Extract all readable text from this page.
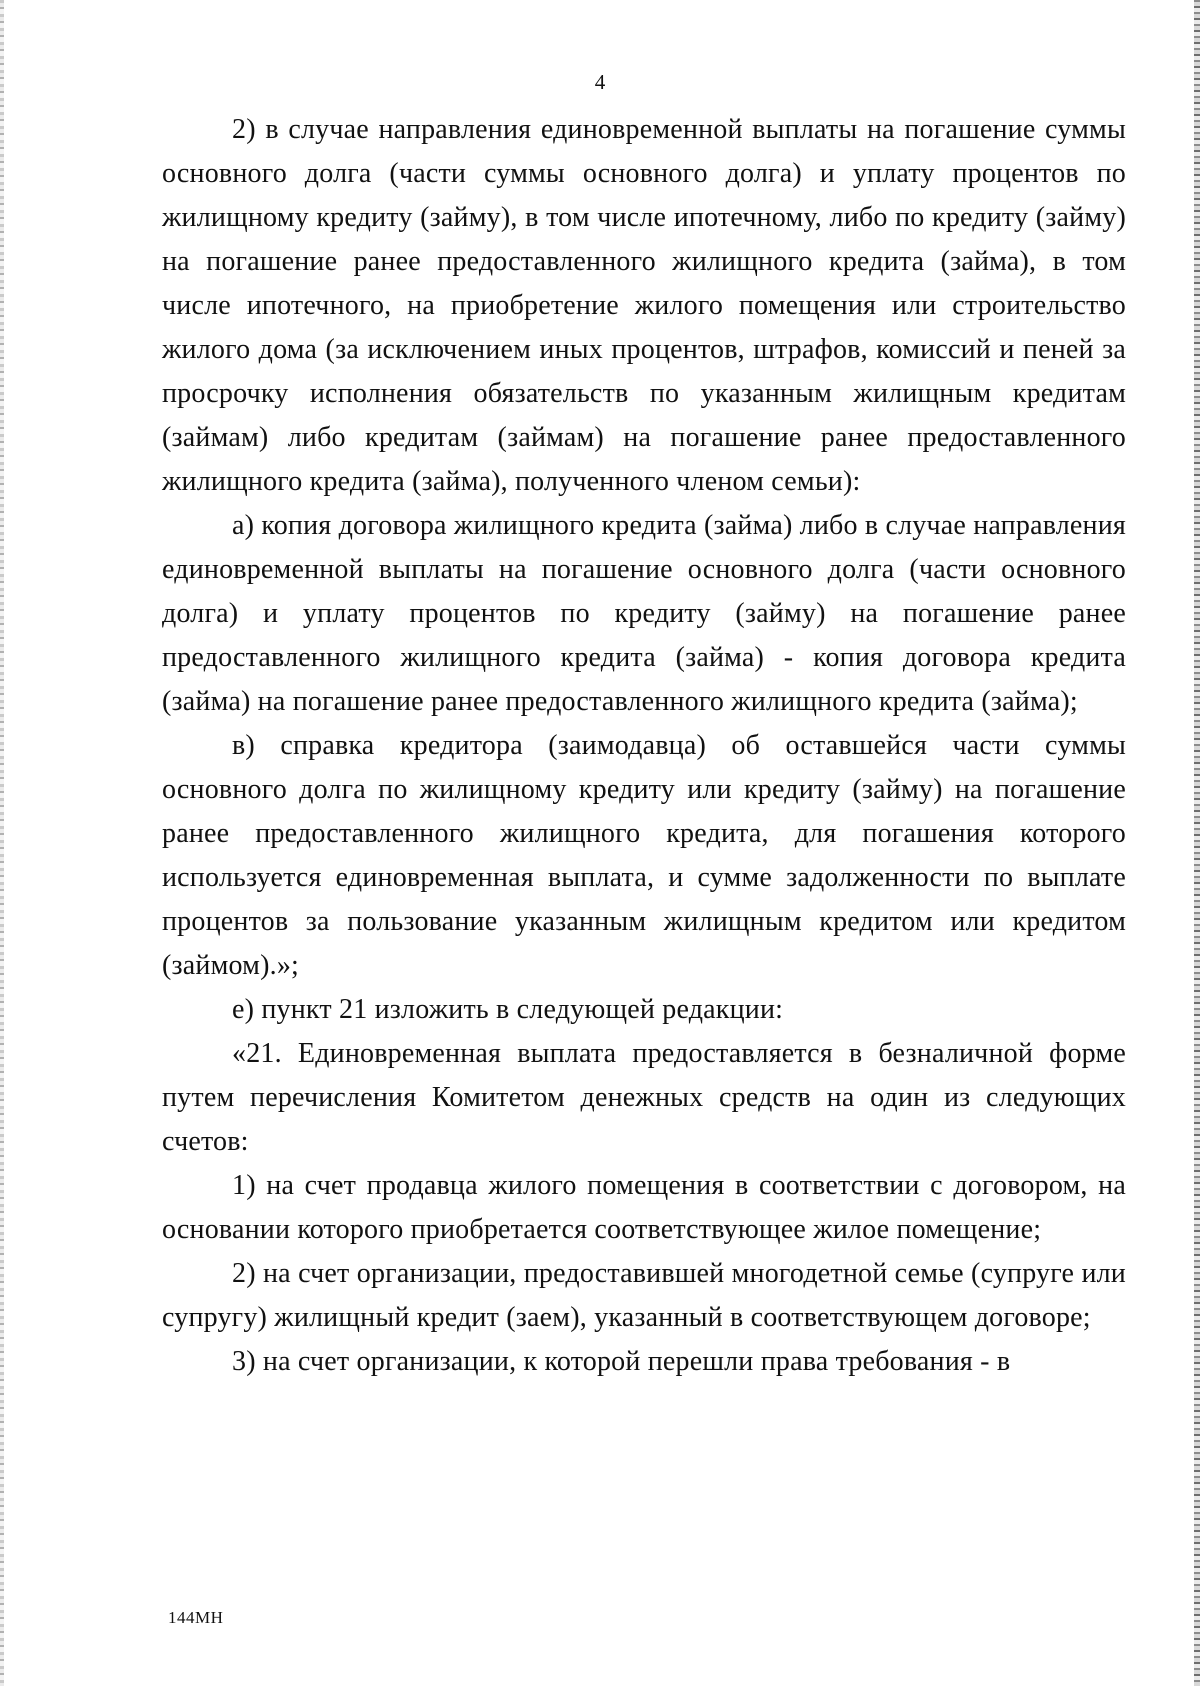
4

2) в случае направления единовременной выплаты на погашение суммы основного долга (части суммы основного долга) и уплату процентов по жилищному кредиту (займу), в том числе ипотечному, либо по кредиту (займу) на погашение ранее предоставленного жилищного кредита (займа), в том числе ипотечного, на приобретение жилого помещения или строительство жилого дома (за исключением иных процентов, штрафов, комиссий и пеней за просрочку исполнения обязательств по указанным жилищным кредитам (займам) либо кредитам (займам) на погашение ранее предоставленного жилищного кредита (займа), полученного членом семьи):

а) копия договора жилищного кредита (займа) либо в случае направления единовременной выплаты на погашение основного долга (части основного долга) и уплату процентов по кредиту (займу) на погашение ранее предоставленного жилищного кредита (займа) - копия договора кредита (займа) на погашение ранее предоставленного жилищного кредита (займа);

в) справка кредитора (заимодавца) об оставшейся части суммы основного долга по жилищному кредиту или кредиту (займу) на погашение ранее предоставленного жилищного кредита, для погашения которого используется единовременная выплата, и сумме задолженности по выплате процентов за пользование указанным жилищным кредитом или кредитом (займом).»;

е) пункт 21 изложить в следующей редакции:

«21. Единовременная выплата предоставляется в безналичной форме путем перечисления Комитетом денежных средств на один из следующих счетов:

1) на счет продавца жилого помещения в соответствии с договором, на основании которого приобретается соответствующее жилое помещение;

2) на счет организации, предоставившей многодетной семье (супруге или супругу) жилищный кредит (заем), указанный в соответствующем договоре;

3) на счет организации, к которой перешли права требования - в

144МН
